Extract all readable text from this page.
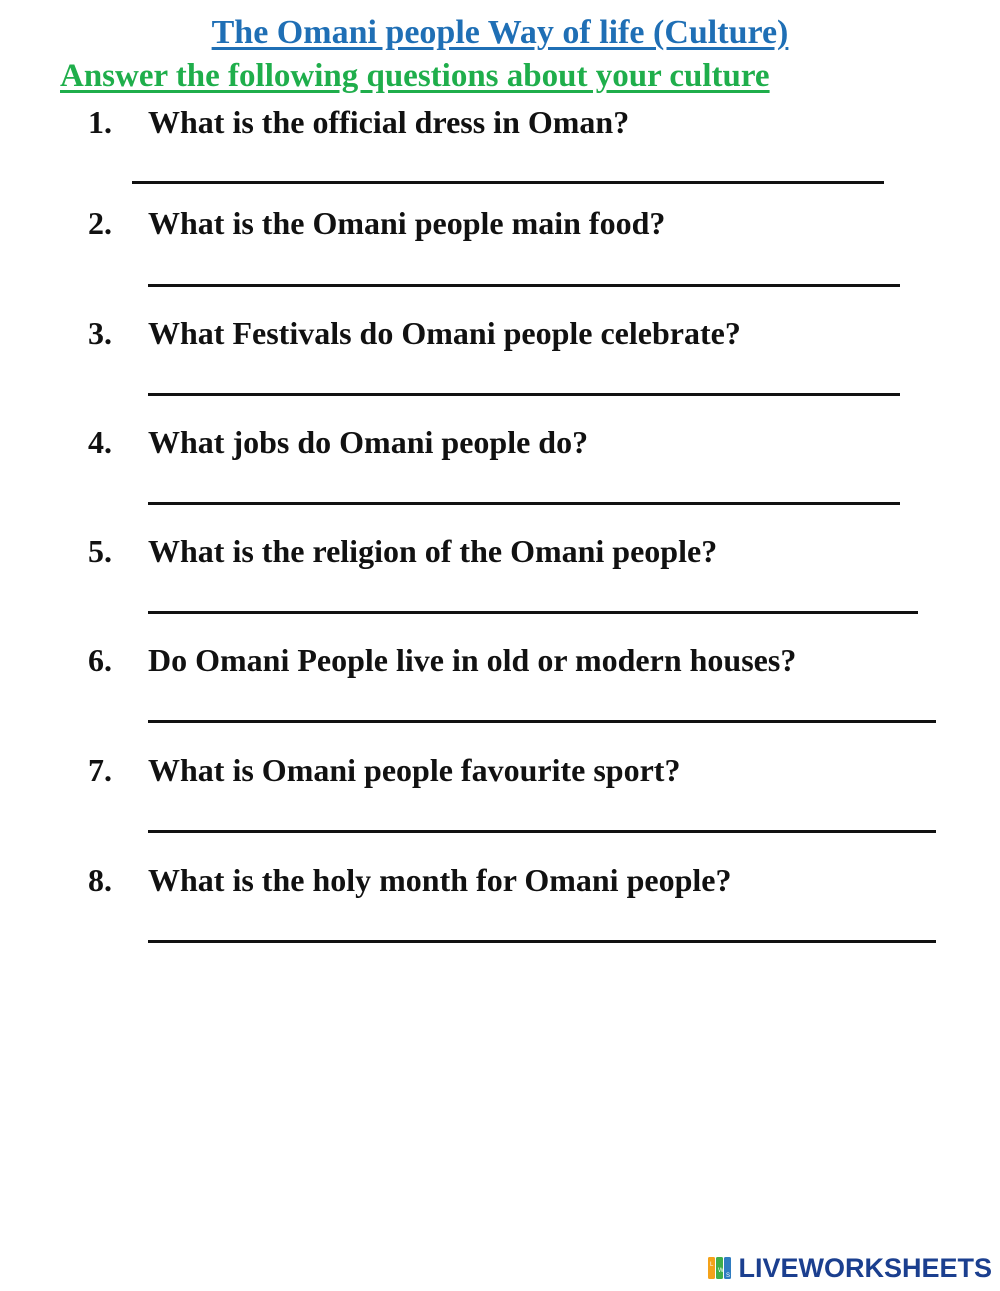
The Omani people Way of life (Culture)
Answer the following questions about your culture
1. What is the official dress in Oman?
2. What is the Omani people main food?
3. What Festivals do Omani people celebrate?
4. What jobs do Omani people do?
5. What is the religion of the Omani people?
6. Do Omani People live in old or modern houses?
7. What is Omani people favourite sport?
8. What is the holy month for Omani people?
L
W
S LIVEWORKSHEETS
